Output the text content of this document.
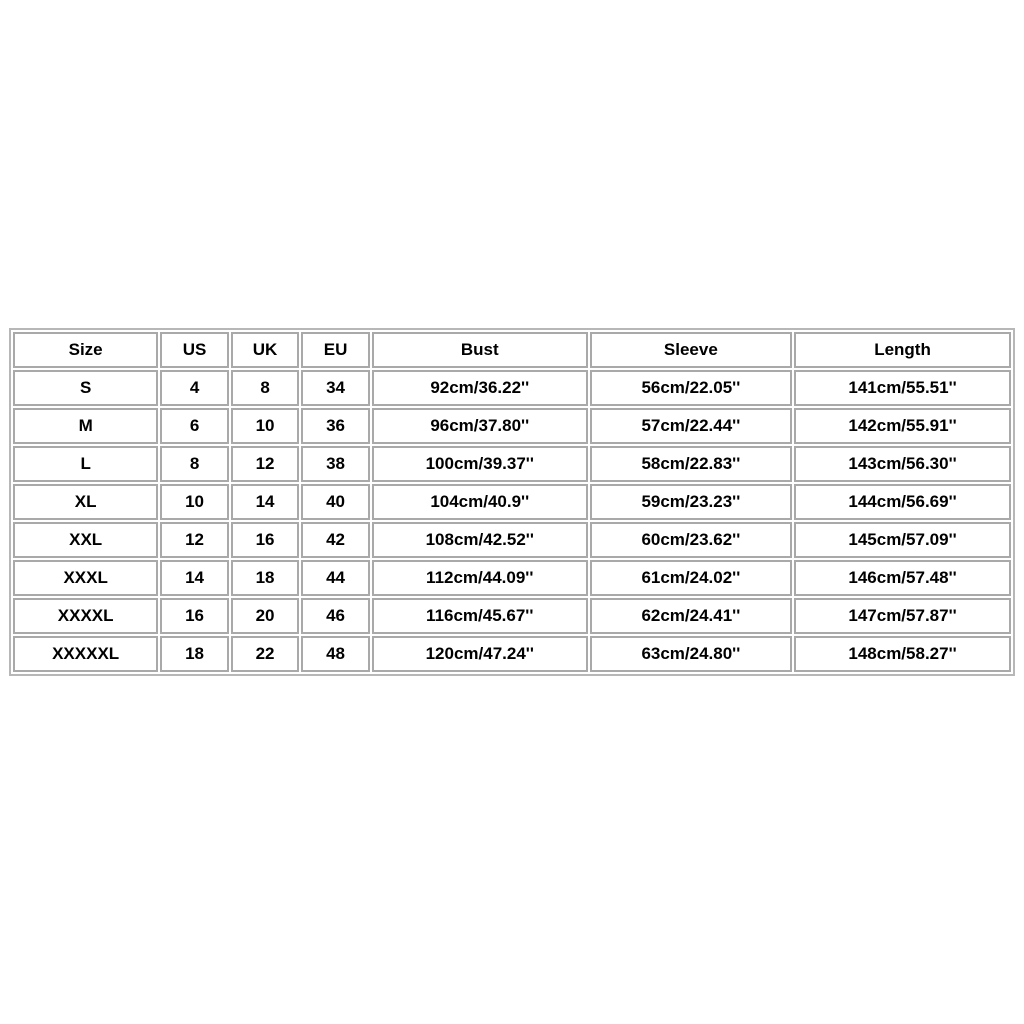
Size	US	UK	EU	Bust	Sleeve	Length
S	4	8	34	92cm/36.22''	56cm/22.05''	141cm/55.51''
M	6	10	36	96cm/37.80''	57cm/22.44''	142cm/55.91''
L	8	12	38	100cm/39.37''	58cm/22.83''	143cm/56.30''
XL	10	14	40	104cm/40.9''	59cm/23.23''	144cm/56.69''
XXL	12	16	42	108cm/42.52''	60cm/23.62''	145cm/57.09''
XXXL	14	18	44	112cm/44.09''	61cm/24.02''	146cm/57.48''
XXXXL	16	20	46	116cm/45.67''	62cm/24.41''	147cm/57.87''
XXXXXL	18	22	48	120cm/47.24''	63cm/24.80''	148cm/58.27''
